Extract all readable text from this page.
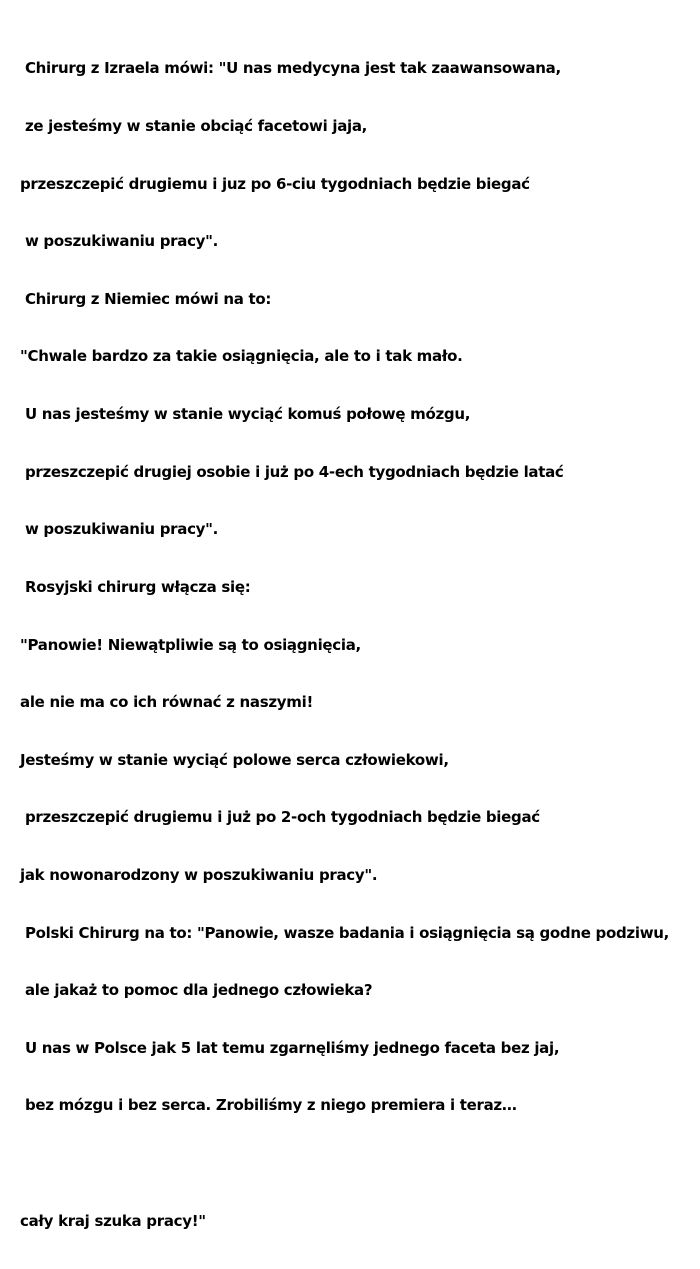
Chirurg z Izraela mówi: "U nas medycyna jest tak zaawansowana,

ze jesteśmy w stanie obciąć facetowi jaja,

przeszczepić drugiemu i juz po 6-ciu tygodniach będzie biegać

w poszukiwaniu pracy".

Chirurg z Niemiec mówi na to:

"Chwale bardzo za takie osiągnięcia, ale to i tak mało.

U nas jesteśmy w stanie wyciąć komuś połowę mózgu,

przeszczepić drugiej osobie i już po 4-ech tygodniach będzie latać

w poszukiwaniu pracy".

Rosyjski chirurg włącza się:

"Panowie! Niewątpliwie są to osiągnięcia,

ale nie ma co ich równać z naszymi!

Jesteśmy w stanie wyciąć polowe serca człowiekowi,

przeszczepić drugiemu i już po 2-och tygodniach będzie biegać

jak nowonarodzony w poszukiwaniu pracy".

Polski Chirurg na to: "Panowie, wasze badania i osiągnięcia są godne podziwu,

ale jakaż to pomoc dla jednego człowieka?

U nas w Polsce jak 5 lat temu zgarnęliśmy jednego faceta bez jaj,

bez mózgu i bez serca. Zrobiliśmy z niego premiera i teraz…

cały kraj szuka pracy!"
